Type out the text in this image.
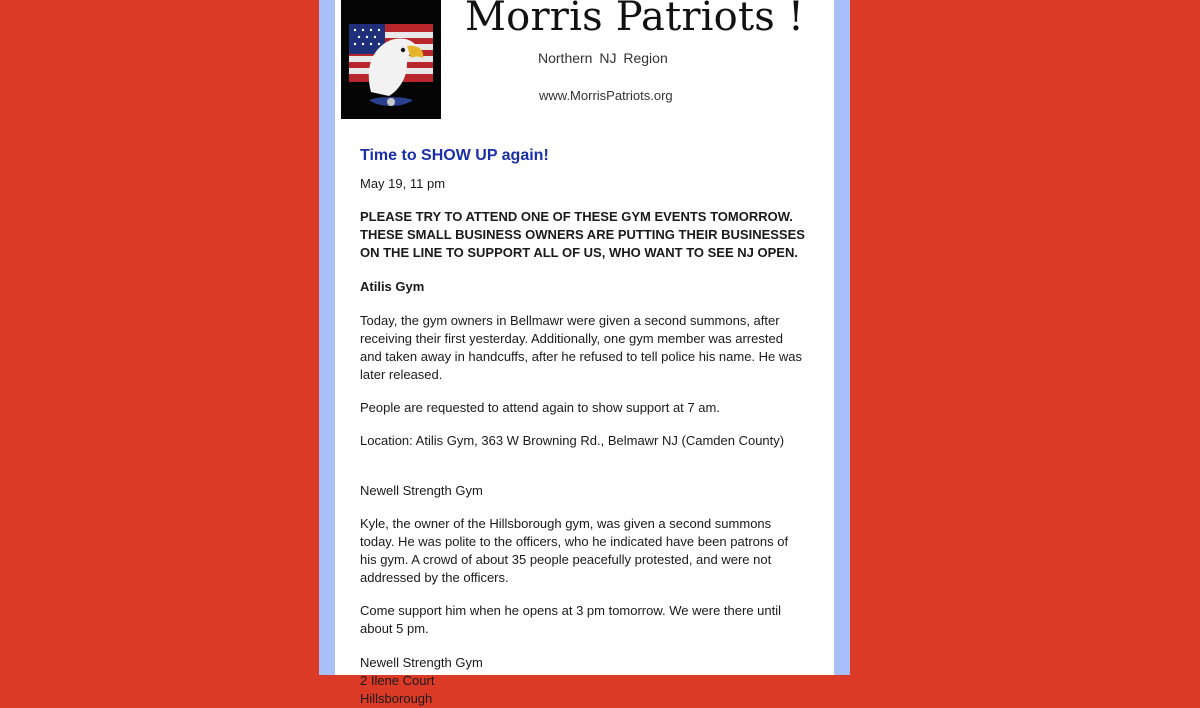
Morris Patriots !
Northern NJ Region
www.MorrisPatriots.org

Time to SHOW UP again!

May 19, 11 pm

PLEASE TRY TO ATTEND ONE OF THESE GYM EVENTS TOMORROW. THESE SMALL BUSINESS OWNERS ARE PUTTING THEIR BUSINESSES ON THE LINE TO SUPPORT ALL OF US, WHO WANT TO SEE NJ OPEN.

Atilis Gym

Today, the gym owners in Bellmawr were given a second summons, after receiving their first yesterday. Additionally, one gym member was arrested and taken away in handcuffs, after he refused to tell police his name. He was later released.

People are requested to attend again to show support at 7 am.

Location: Atilis Gym, 363 W Browning Rd., Belmawr NJ (Camden County)

Newell Strength Gym

Kyle, the owner of the Hillsborough gym, was given a second summons today. He was polite to the officers, who he indicated have been patrons of his gym. A crowd of about 35 people peacefully protested, and were not addressed by the officers.

Come support him when he opens at 3 pm tomorrow. We were there until about 5 pm.

Newell Strength Gym

2 Ilene Court

Hillsborough
